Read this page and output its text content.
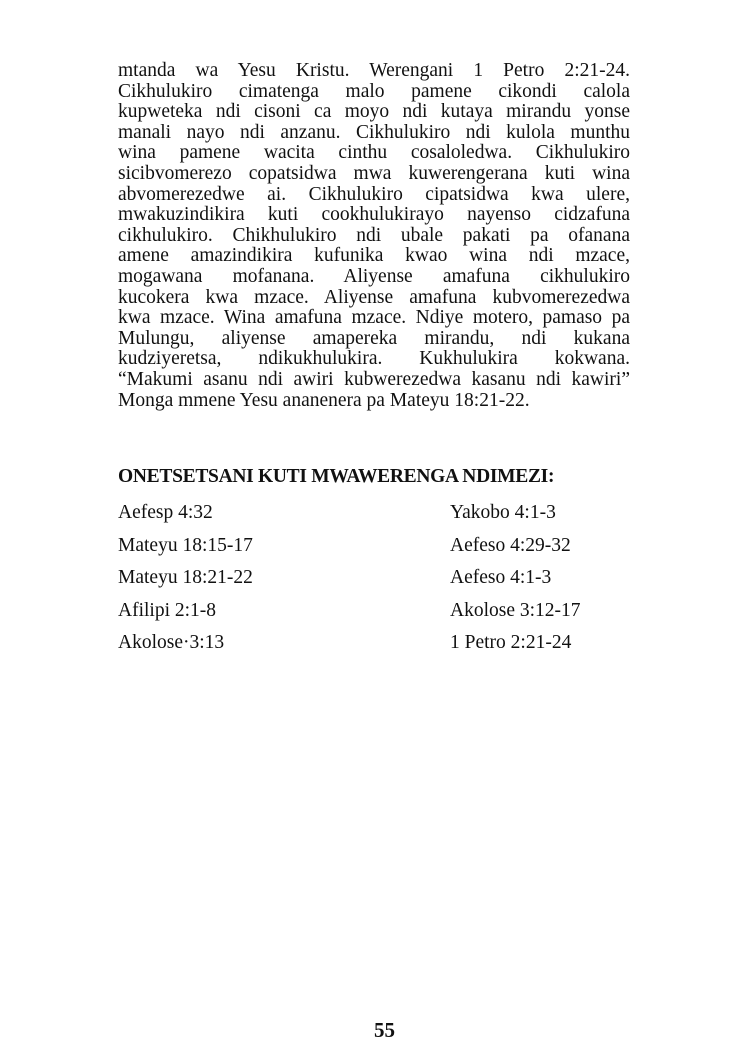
mtanda wa Yesu Kristu. Werengani 1 Petro 2:21-24.
Cikhulukiro cimatenga malo pamene cikondi calola
kupweteka ndi cisoni ca moyo ndi kutaya mirandu yonse
manali nayo ndi anzanu. Cikhulukiro ndi kulola munthu
wina pamene wacita cinthu cosaloledwa. Cikhulukiro
sicibvomerezo copatsidwa mwa kuwerengerana kuti wina
abvomerezedwe ai. Cikhulukiro cipatsidwa kwa ulere,
mwakuzindikira kuti cookhulukirayo nayenso cidzafuna
cikhulukiro. Chikhulukiro ndi ubale pakati pa ofanana
amene amazindikira kufunika kwao wina ndi mzace,
mogawana mofanana. Aliyense amafuna cikhulukiro
kucokera kwa mzace. Aliyense amafuna kubvomerezedwa
kwa mzace. Wina amafuna mzace. Ndiye motero, pamaso pa
Mulungu, aliyense amapereka mirandu, ndi kukana
kudziyeretsa, ndikukhulukira. Kukhulukira kokwana.
“Makumi asanu ndi awiri kubwerezedwa kasanu ndi kawiri”
Monga mmene Yesu ananenera pa Mateyu 18:21-22.
ONETSETSANI KUTI MWAWERENGA NDIMEZI:
Aefesp 4:32
Mateyu 18:15-17
Mateyu 18:21-22
Afilipi 2:1-8
Akolose·3:13
Yakobo 4:1-3
Aefeso 4:29-32
Aefeso 4:1-3
Akolose 3:12-17
1 Petro 2:21-24
55
